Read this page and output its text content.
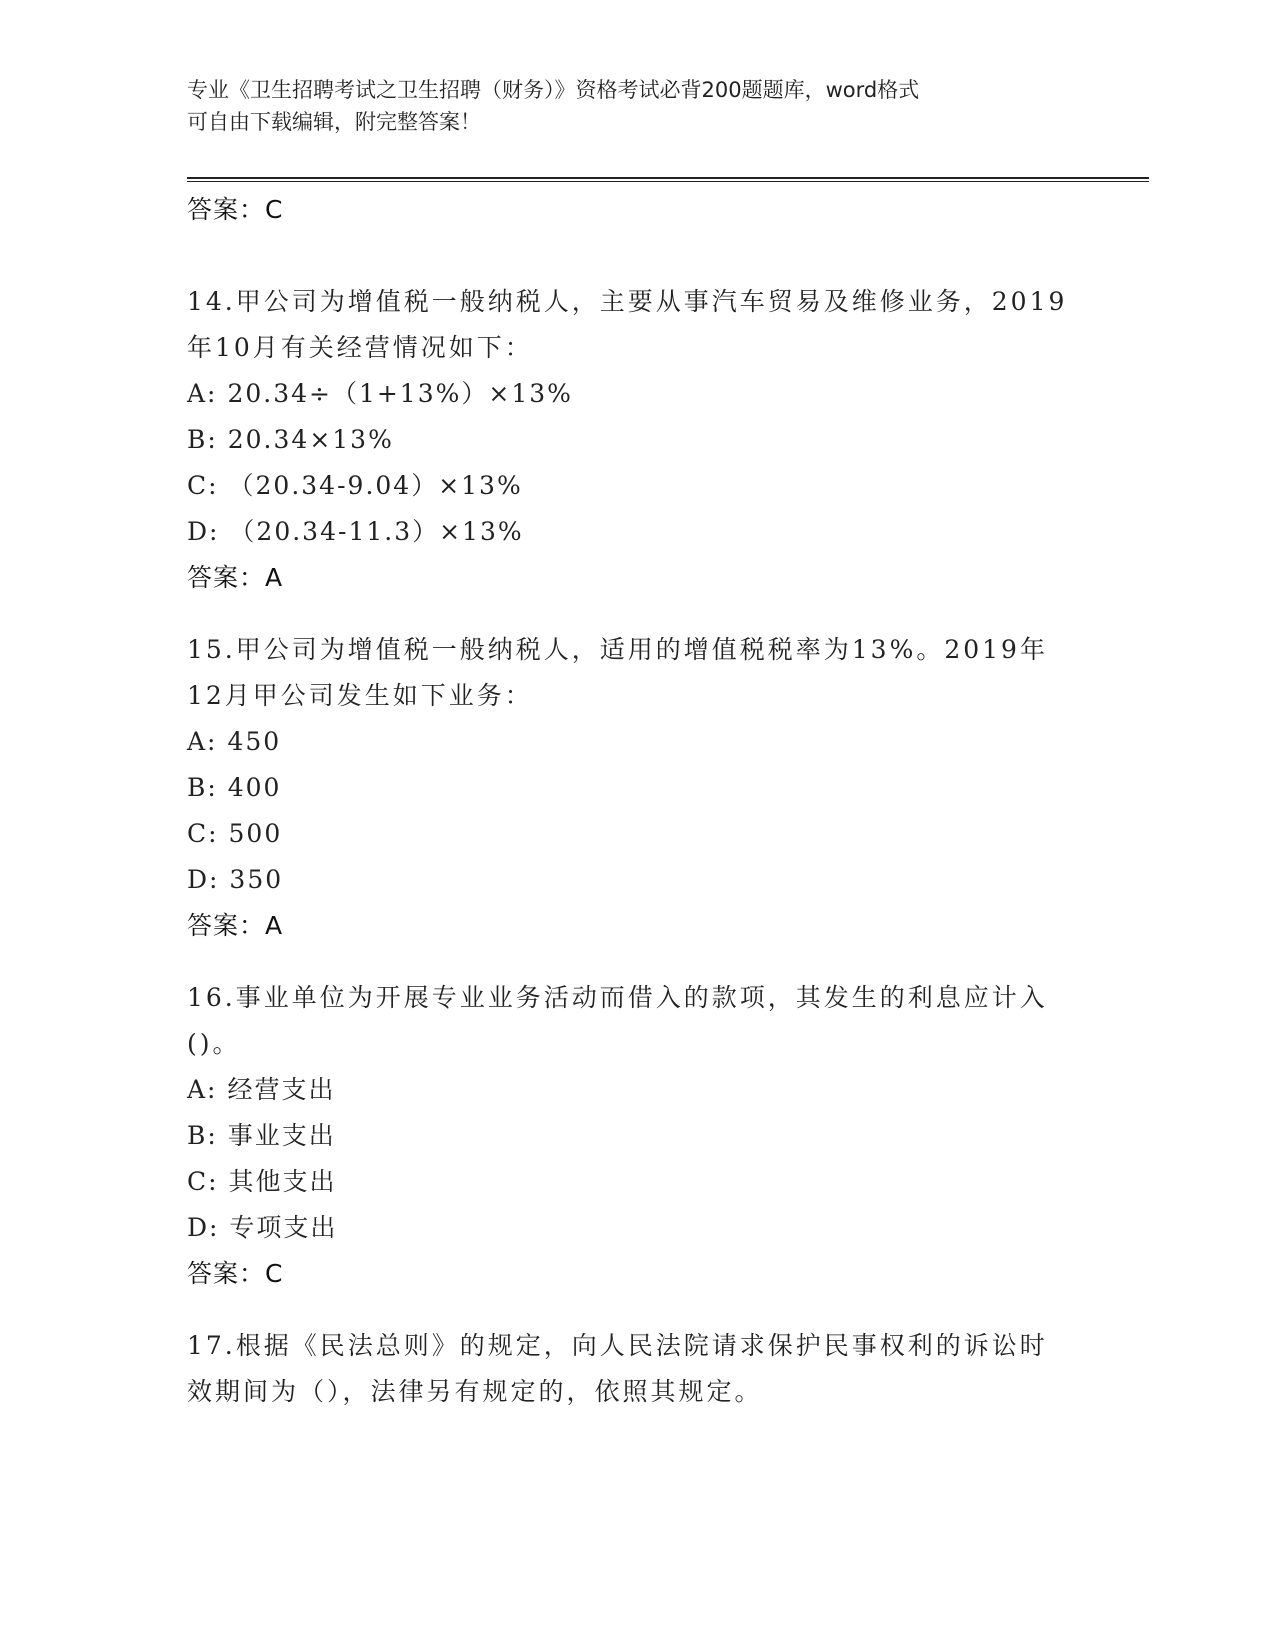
专业《卫生招聘考试之卫生招聘（财务）》资格考试必背200题题库，word格式
可自由下载编辑，附完整答案！
答案：C
14.甲公司为增值税一般纳税人，主要从事汽车贸易及维修业务，2019
年10月有关经营情况如下：
A: 20.34÷（1+13%）×13%
B: 20.34×13%
C: （20.34-9.04）×13%
D: （20.34-11.3）×13%
答案：A
15.甲公司为增值税一般纳税人，适用的增值税税率为13%。2019年
12月甲公司发生如下业务：
A: 450
B: 400
C: 500
D: 350
答案：A
16.事业单位为开展专业业务活动而借入的款项，其发生的利息应计入
()。
A: 经营支出
B: 事业支出
C: 其他支出
D: 专项支出
答案：C
17.根据《民法总则》的规定，向人民法院请求保护民事权利的诉讼时
效期间为（），法律另有规定的，依照其规定。
